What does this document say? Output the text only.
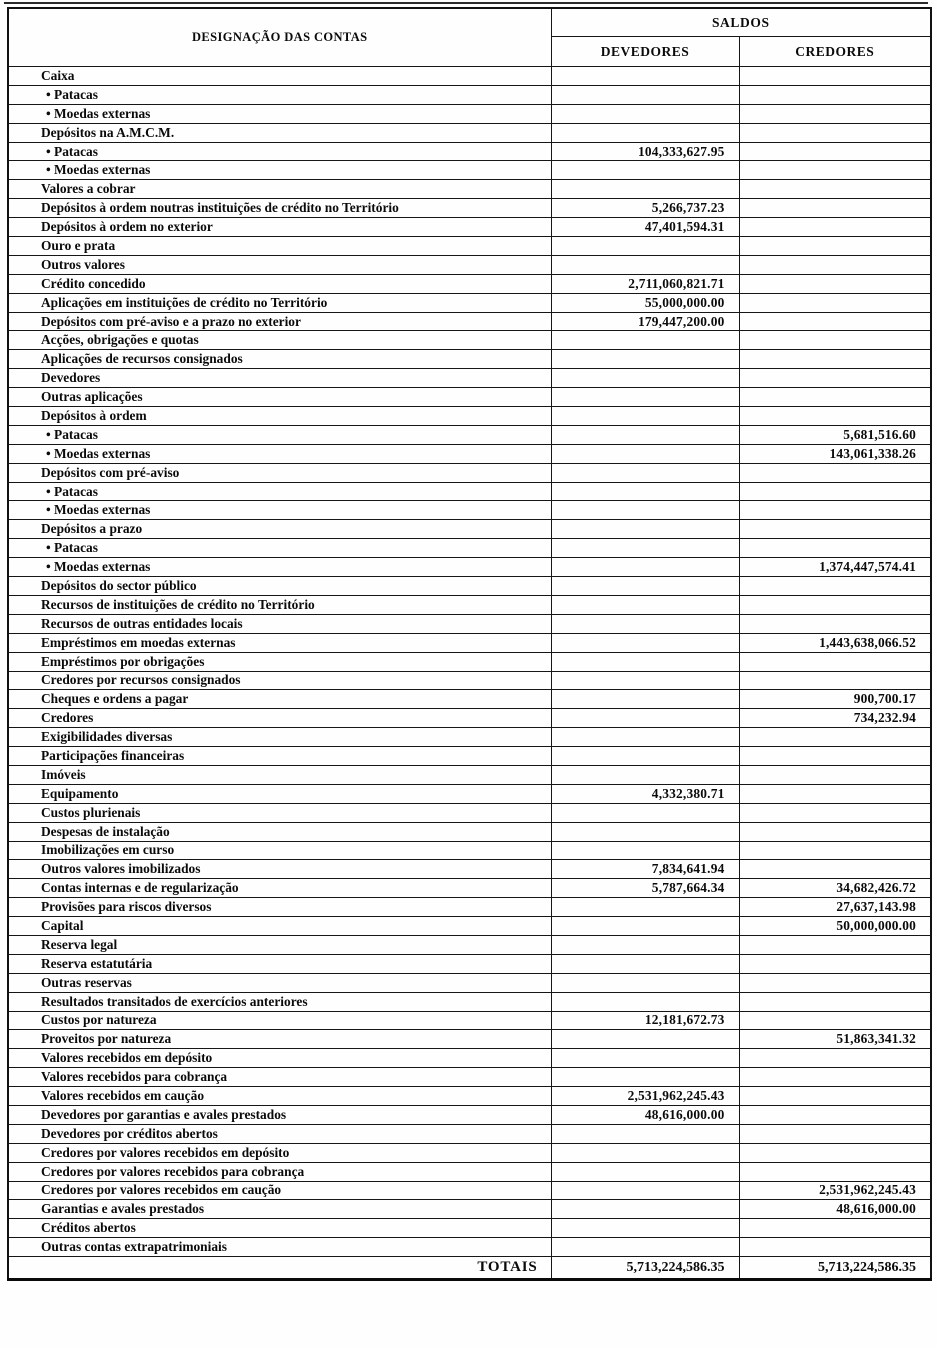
DESIGNAÇÃO DAS CONTAS	SALDOS	
	DEVEDORES	CREDORES
Caixa		
• Patacas		
• Moedas externas		
Depósitos na A.M.C.M.		
• Patacas	104,333,627.95	
• Moedas externas		
Valores a cobrar		
Depósitos à ordem noutras instituições de crédito no Território	5,266,737.23	
Depósitos à ordem no exterior	47,401,594.31	
Ouro e prata		
Outros valores		
Crédito concedido	2,711,060,821.71	
Aplicações em instituições de crédito no Território	55,000,000.00	
Depósitos com pré-aviso e a prazo no exterior	179,447,200.00	
Acções, obrigações e quotas		
Aplicações de recursos consignados		
Devedores		
Outras aplicações		
Depósitos à ordem		
• Patacas		5,681,516.60
• Moedas externas		143,061,338.26
Depósitos com pré-aviso		
• Patacas		
• Moedas externas		
Depósitos a prazo		
• Patacas		
• Moedas externas		1,374,447,574.41
Depósitos do sector público		
Recursos de instituições de crédito no Território		
Recursos de outras entidades locais		
Empréstimos em moedas externas		1,443,638,066.52
Empréstimos por obrigações		
Credores por recursos consignados		
Cheques e ordens a pagar		900,700.17
Credores		734,232.94
Exigibilidades diversas		
Participações financeiras		
Imóveis		
Equipamento	4,332,380.71	
Custos plurienais		
Despesas de instalação		
Imobilizações em curso		
Outros valores imobilizados	7,834,641.94	
Contas internas e de regularização	5,787,664.34	34,682,426.72
Provisões para riscos diversos		27,637,143.98
Capital		50,000,000.00
Reserva legal		
Reserva estatutária		
Outras reservas		
Resultados transitados de exercícios anteriores		
Custos por natureza	12,181,672.73	
Proveitos por natureza		51,863,341.32
Valores recebidos em depósito		
Valores recebidos para cobrança		
Valores recebidos em caução	2,531,962,245.43	
Devedores por garantias e avales prestados	48,616,000.00	
Devedores por créditos abertos		
Credores por valores recebidos em depósito		
Credores por valores recebidos para cobrança		
Credores por valores recebidos em caução		2,531,962,245.43
Garantias e avales prestados		48,616,000.00
Créditos abertos		
Outras contas extrapatrimoniais		
TOTAIS	5,713,224,586.35	5,713,224,586.35
